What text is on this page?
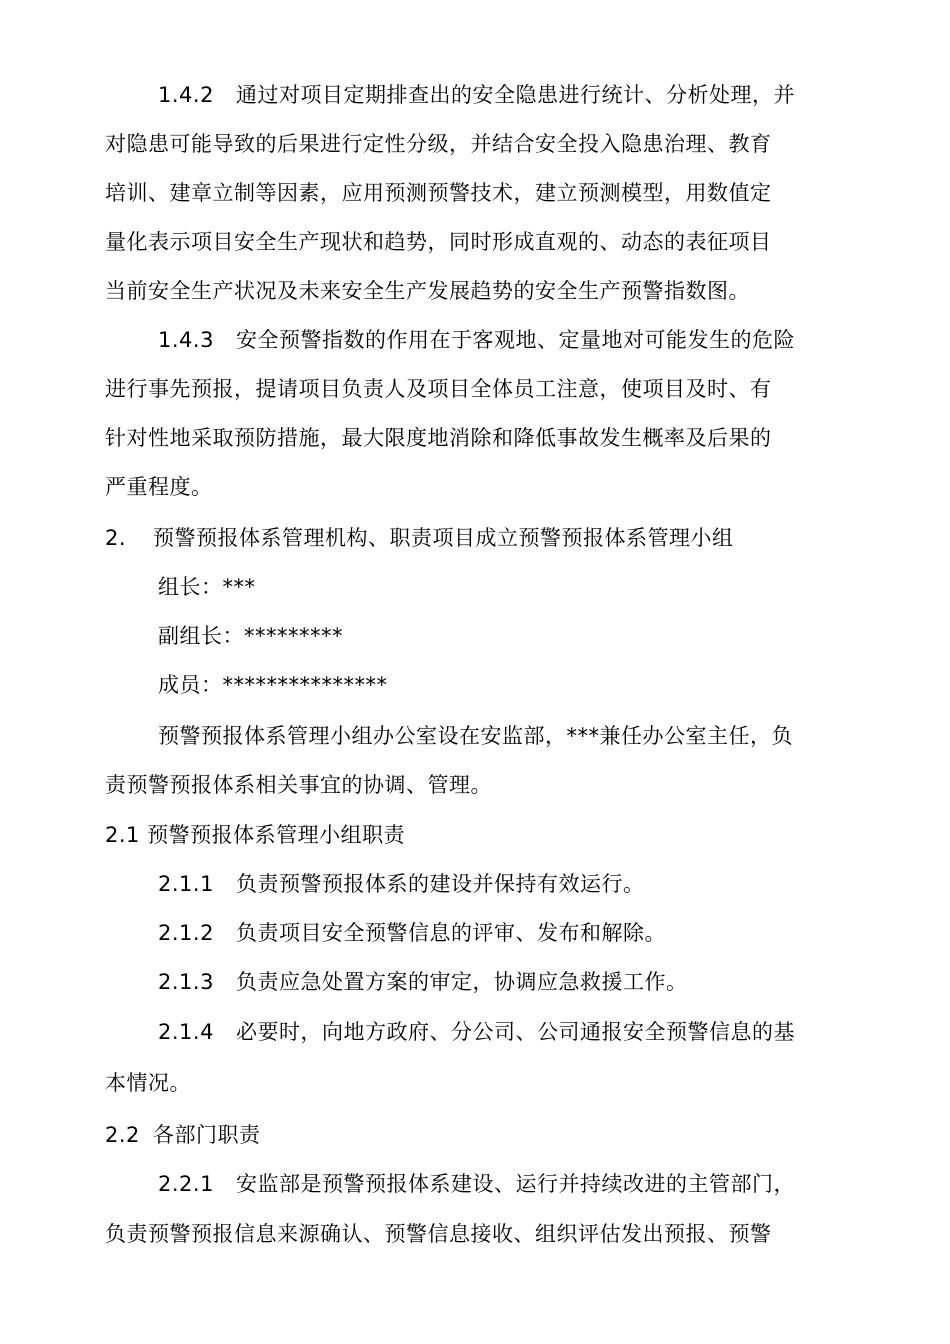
1.4.2 通过对项目定期排查出的安全隐患进行统计、分析处理，并
对隐患可能导致的后果进行定性分级，并结合安全投入隐患治理、教育
培训、建章立制等因素，应用预测预警技术，建立预测模型，用数值定
量化表示项目安全生产现状和趋势，同时形成直观的、动态的表征项目
当前安全生产状况及未来安全生产发展趋势的安全生产预警指数图。
1.4.3 安全预警指数的作用在于客观地、定量地对可能发生的危险
进行事先预报，提请项目负责人及项目全体员工注意，使项目及时、有
针对性地采取预防措施，最大限度地消除和降低事故发生概率及后果的
严重程度。
2. 预警预报体系管理机构、职责项目成立预警预报体系管理小组
组长：***
副组长：*********
成员：***************
预警预报体系管理小组办公室设在安监部，***兼任办公室主任，负
责预警预报体系相关事宜的协调、管理。
2.1 预警预报体系管理小组职责
2.1.1 负责预警预报体系的建设并保持有效运行。
2.1.2 负责项目安全预警信息的评审、发布和解除。
2.1.3 负责应急处置方案的审定，协调应急救援工作。
2.1.4 必要时，向地方政府、分公司、公司通报安全预警信息的基
本情况。
2.2 各部门职责
2.2.1 安监部是预警预报体系建设、运行并持续改进的主管部门，
负责预警预报信息来源确认、预警信息接收、组织评估发出预报、预警
